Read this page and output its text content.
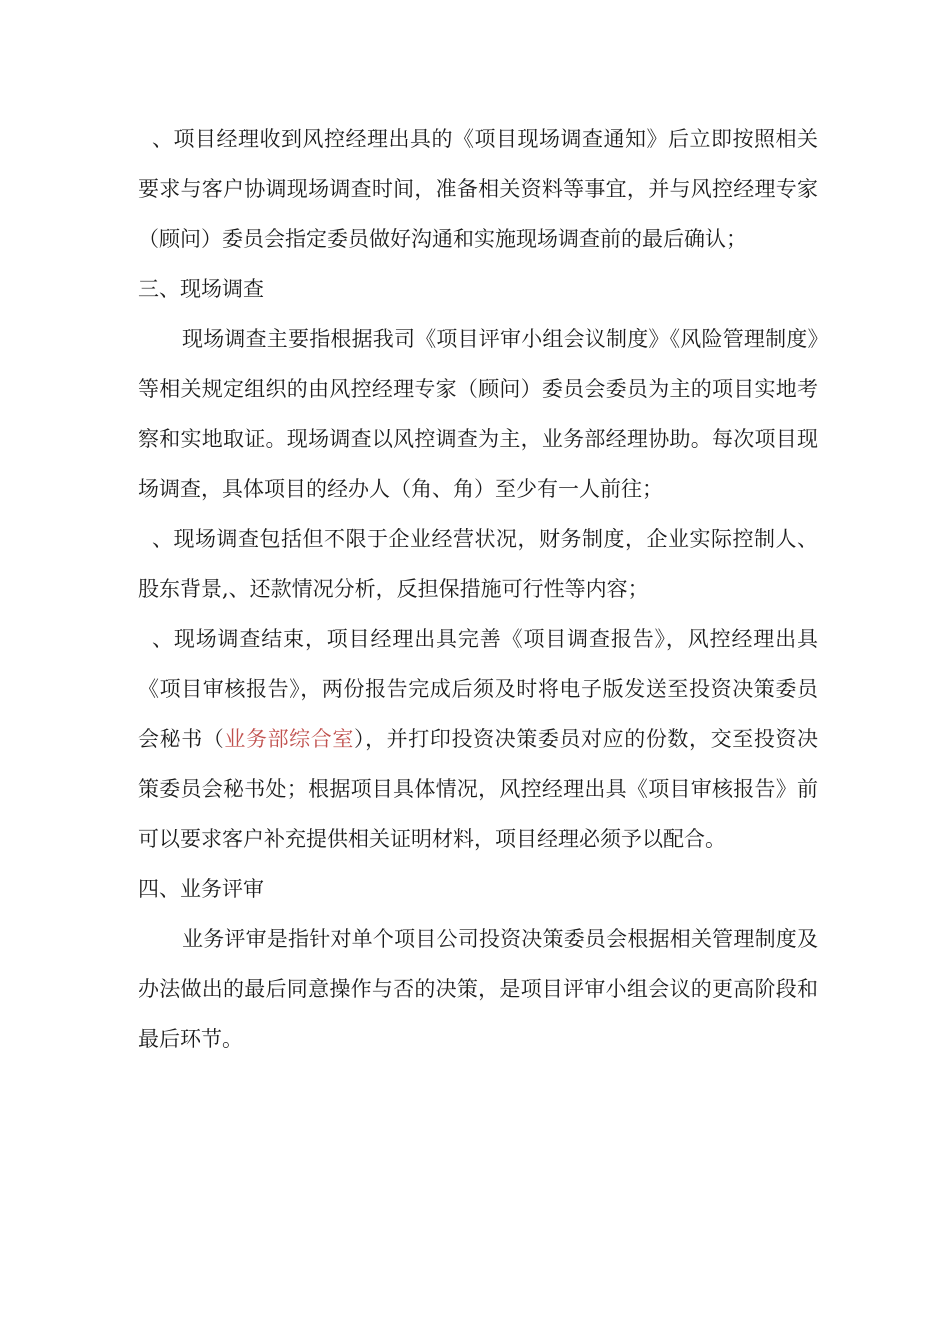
、项目经理收到风控经理出具的《项目现场调查通知》后立即按照相关要求与客户协调现场调查时间，准备相关资料等事宜，并与风控经理专家（顾问）委员会指定委员做好沟通和实施现场调查前的最后确认；

三、现场调查

现场调查主要指根据我司《项目评审小组会议制度》《风险管理制度》等相关规定组织的由风控经理专家（顾问）委员会委员为主的项目实地考察和实地取证。现场调查以风控调查为主，业务部经理协助。每次项目现场调查，具体项目的经办人（角、角）至少有一人前往；

、现场调查包括但不限于企业经营状况，财务制度，企业实际控制人、股东背景,、还款情况分析，反担保措施可行性等内容；

、现场调查结束，项目经理出具完善《项目调查报告》，风控经理出具《项目审核报告》，两份报告完成后须及时将电子版发送至投资决策委员会秘书（业务部综合室），并打印投资决策委员对应的份数，交至投资决策委员会秘书处；根据项目具体情况，风控经理出具《项目审核报告》前可以要求客户补充提供相关证明材料，项目经理必须予以配合。

四、业务评审

业务评审是指针对单个项目公司投资决策委员会根据相关管理制度及办法做出的最后同意操作与否的决策，是项目评审小组会议的更高阶段和最后环节。
